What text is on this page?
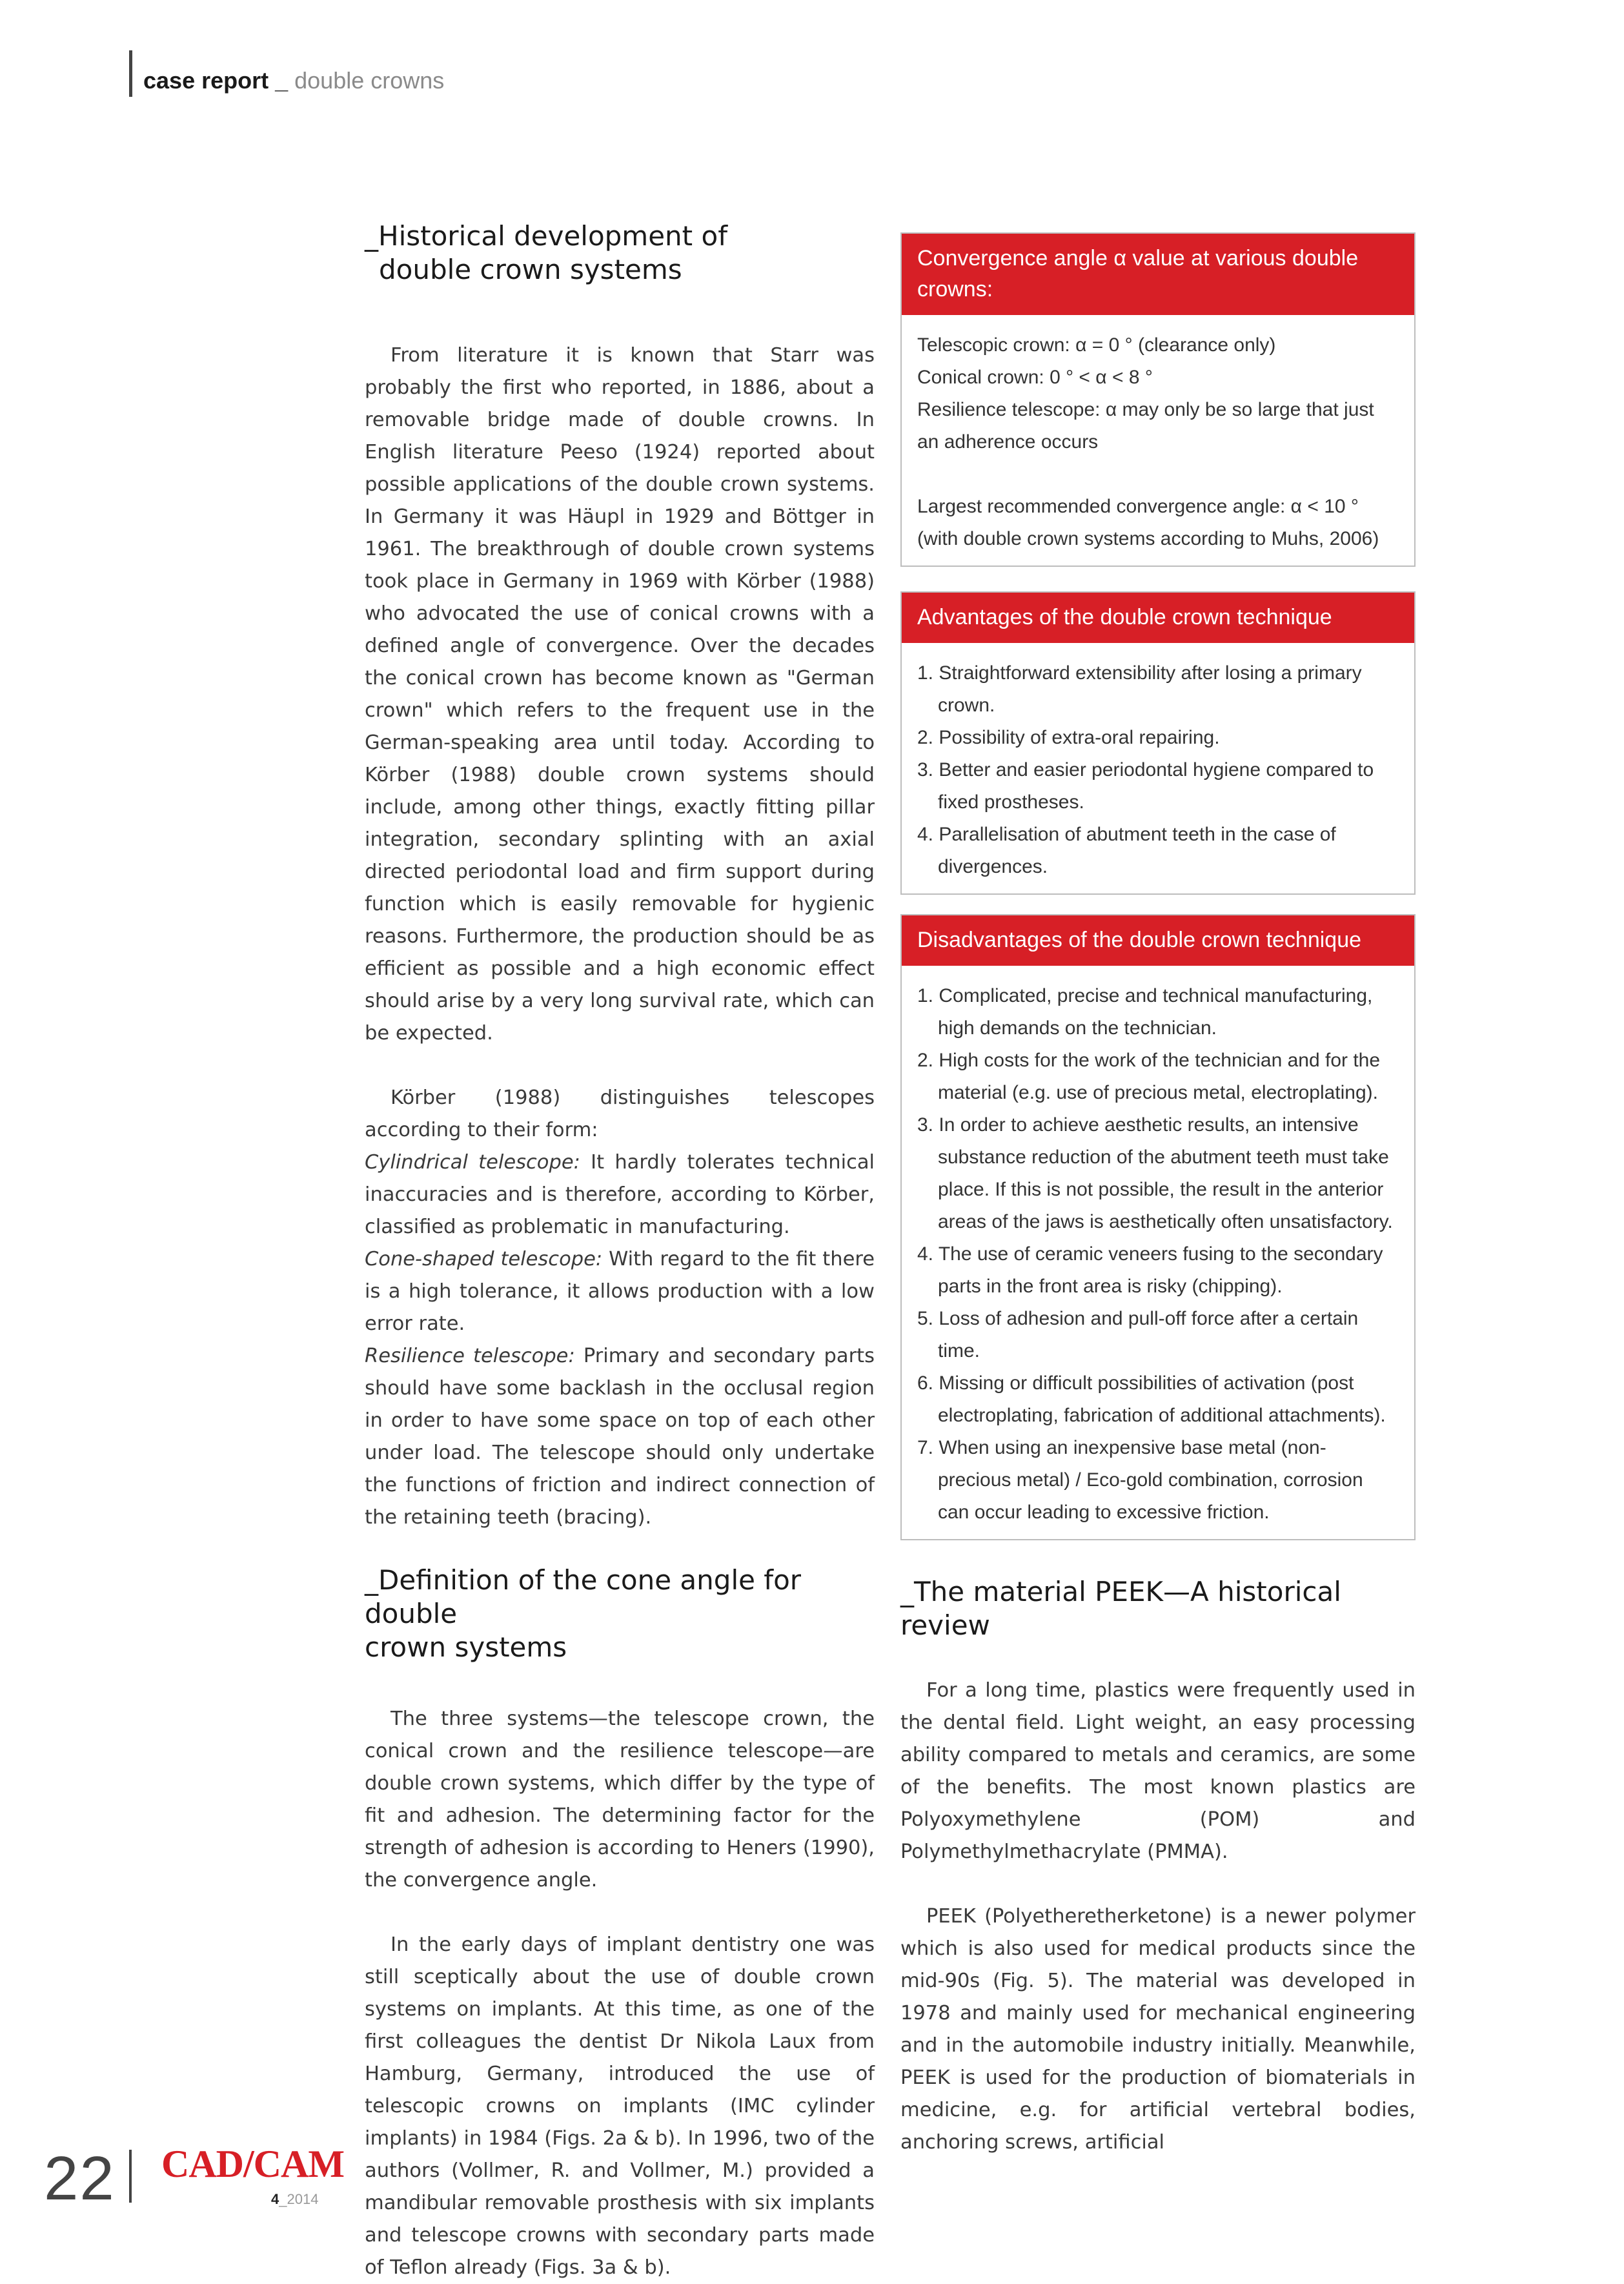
case report _ double crowns
_Historical development of
double crown systems

From literature it is known that Starr was probably the first who reported, in 1886, about a removable bridge made of double crowns. In English literature Peeso (1924) reported about possible applications of the double crown systems. In Germany it was Häupl in 1929 and Böttger in 1961. The breakthrough of double crown systems took place in Germany in 1969 with Körber (1988) who advocated the use of conical crowns with a defined angle of convergence. Over the decades the conical crown has become known as "German crown" which refers to the frequent use in the German-speaking area until today. According to Körber (1988) double crown systems should include, among other things, exactly fitting pillar integration, secondary splinting with an axial directed periodontal load and firm support during function which is easily removable for hygienic reasons. Furthermore, the production should be as efficient as possible and a high economic effect should arise by a very long survival rate, which can be expected.

Körber (1988) distinguishes telescopes according to their form:

Cylindrical telescope: It hardly tolerates technical inaccuracies and is therefore, according to Körber, classified as problematic in manufacturing.

Cone-shaped telescope: With regard to the fit there is a high tolerance, it allows production with a low error rate.

Resilience telescope: Primary and secondary parts should have some backlash in the occlusal region in order to have some space on top of each other under load. The telescope should only undertake the functions of friction and indirect connection of the retaining teeth (bracing).

_Definition of the cone angle for double
crown systems

The three systems—the telescope crown, the conical crown and the resilience telescope—are double crown systems, which differ by the type of fit and adhesion. The determining factor for the strength of adhesion is according to Heners (1990), the convergence angle.

In the early days of implant dentistry one was still sceptically about the use of double crown systems on implants. At this time, as one of the first colleagues the dentist Dr Nikola Laux from Hamburg, Germany, introduced the use of telescopic crowns on implants (IMC cylinder implants) in 1984 (Figs. 2a & b). In 1996, two of the authors (Vollmer, R. and Vollmer, M.) provided a mandibular removable prosthesis with six implants and telescope crowns with secondary parts made of Teflon already (Figs. 3a & b).

Convergence angle α value at various double crowns:
Telescopic crown: α = 0 ° (clearance only)
Conical crown: 0 ° < α < 8 °
Resilience telescope: α may only be so large that just an adherence occurs
Largest recommended convergence angle: α < 10 ° (with double crown systems according to Muhs, 2006)
Advantages of the double crown technique
1. Straightforward extensibility after losing a primary crown.
2. Possibility of extra-oral repairing.
3. Better and easier periodontal hygiene compared to fixed prostheses.
4. Parallelisation of abutment teeth in the case of divergences.
Disadvantages of the double crown technique
1. Complicated, precise and technical manufacturing, high demands on the technician.
2. High costs for the work of the technician and for the material (e.g. use of precious metal, electroplating).
3. In order to achieve aesthetic results, an intensive substance reduction of the abutment teeth must take place. If this is not possible, the result in the anterior areas of the jaws is aesthetically often unsatisfactory.
4. The use of ceramic veneers fusing to the secondary parts in the front area is risky (chipping).
5. Loss of adhesion and pull-off force after a certain time.
6. Missing or difficult possibilities of activation (post electroplating, fabrication of additional attachments).
7. When using an inexpensive base metal (non-precious metal) / Eco-gold combination, corrosion can occur leading to excessive friction.
_The material PEEK—A historical review

For a long time, plastics were frequently used in the dental field. Light weight, an easy processing ability compared to metals and ceramics, are some of the benefits. The most known plastics are Polyoxymethylene (POM) and Polymethylmethacrylate (PMMA).

PEEK (Polyetheretherketone) is a newer polymer which is also used for medical products since the mid-90s (Fig. 5). The material was developed in 1978 and mainly used for mechanical engineering and in the automobile industry initially. Meanwhile, PEEK is used for the production of biomaterials in medicine, e.g. for artificial vertebral bodies, anchoring screws, artificial

22 CAD/CAM
4_2014
